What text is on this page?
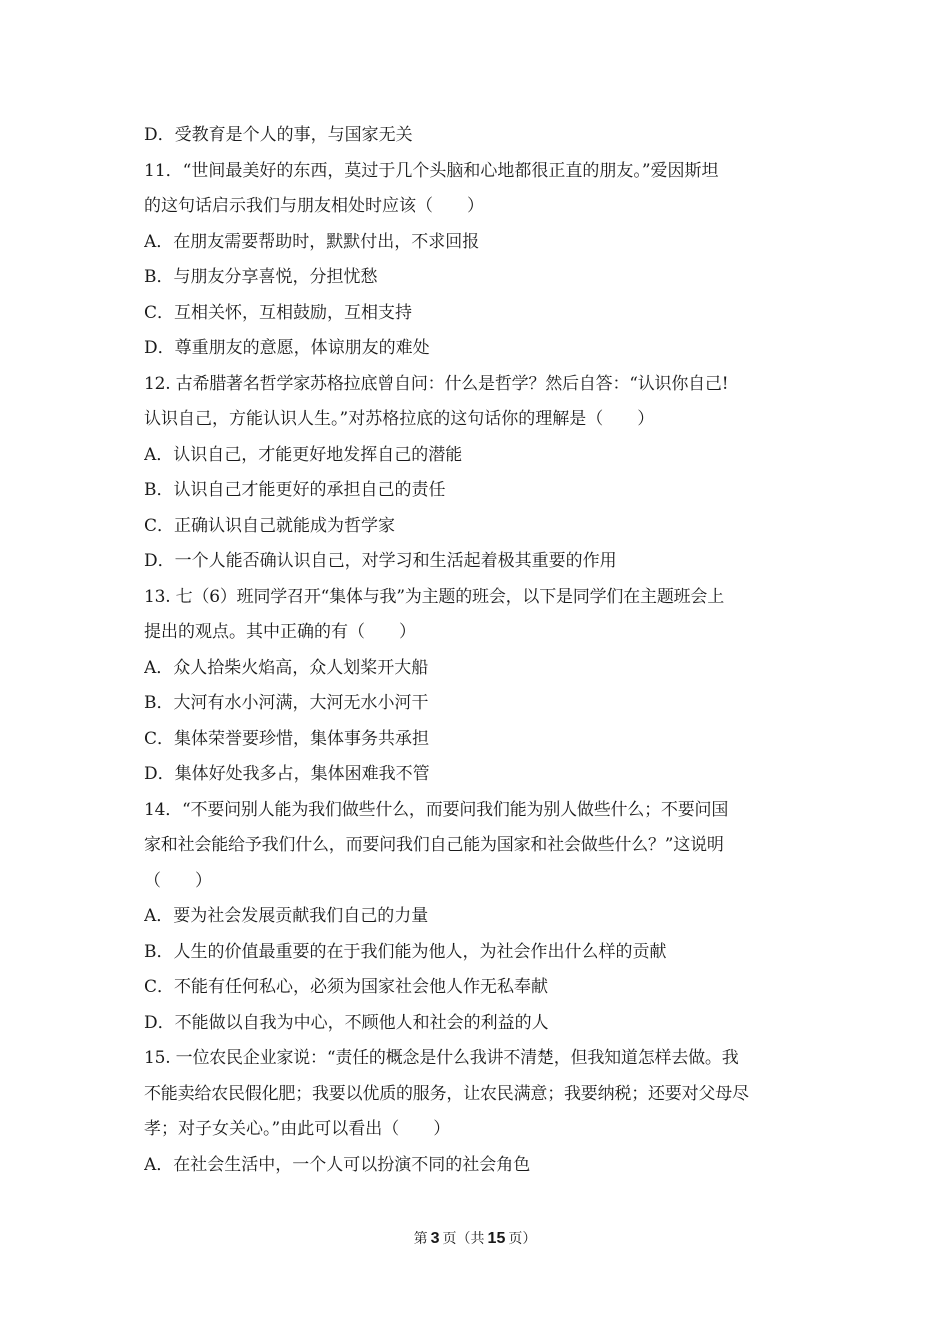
D．受教育是个人的事，与国家无关
11．“世间最美好的东西，莫过于几个头脑和心地都很正直的朋友。”爱因斯坦
的这句话启示我们与朋友相处时应该（　　）
A．在朋友需要帮助时，默默付出，不求回报
B．与朋友分享喜悦，分担忧愁
C．互相关怀，互相鼓励，互相支持
D．尊重朋友的意愿，体谅朋友的难处
12. 古希腊著名哲学家苏格拉底曾自问：什么是哲学？然后自答：“认识你自己!
认识自己，方能认识人生。”对苏格拉底的这句话你的理解是（　　）
A．认识自己，才能更好地发挥自己的潜能
B．认识自己才能更好的承担自己的责任
C．正确认识自己就能成为哲学家
D．一个人能否确认识自己，对学习和生活起着极其重要的作用
13. 七（6）班同学召开“集体与我”为主题的班会，以下是同学们在主题班会上
提出的观点。其中正确的有（　　）
A．众人拾柴火焰高，众人划桨开大船
B．大河有水小河满，大河无水小河干
C．集体荣誉要珍惜，集体事务共承担
D．集体好处我多占，集体困难我不管
14．“不要问别人能为我们做些什么，而要问我们能为别人做些什么；不要问国
家和社会能给予我们什么，而要问我们自己能为国家和社会做些什么？”这说明
（　　）
A．要为社会发展贡献我们自己的力量
B．人生的价值最重要的在于我们能为他人，为社会作出什么样的贡献
C．不能有任何私心，必须为国家社会他人作无私奉献
D．不能做以自我为中心，不顾他人和社会的利益的人
15. 一位农民企业家说：“责任的概念是什么我讲不清楚，但我知道怎样去做。我
不能卖给农民假化肥；我要以优质的服务，让农民满意；我要纳税；还要对父母尽
孝；对子女关心。”由此可以看出（　　）
A．在社会生活中，一个人可以扮演不同的社会角色
第 3 页（共 15 页）
